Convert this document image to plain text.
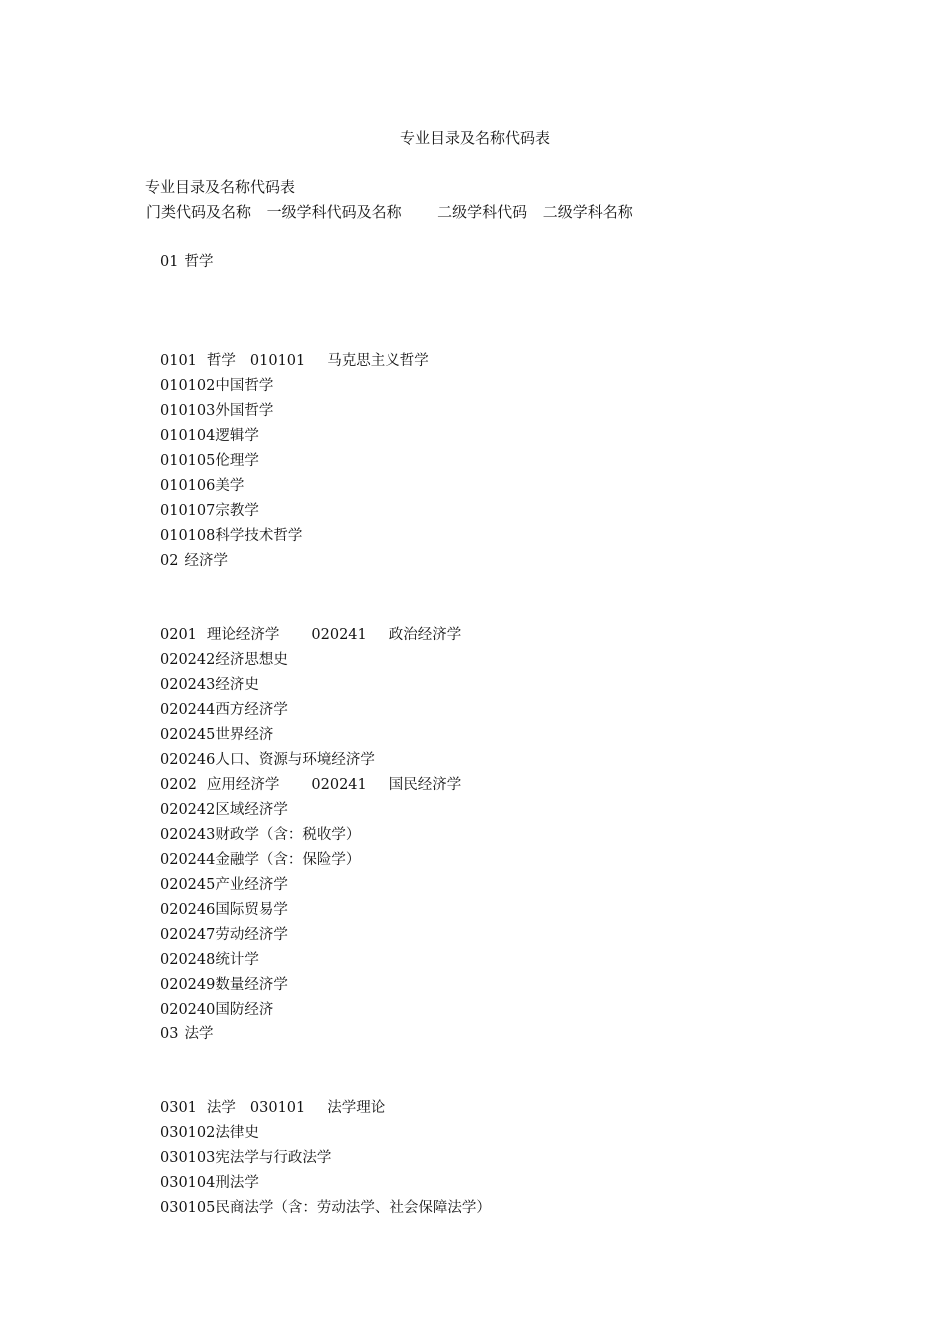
专业目录及名称代码表
专业目录及名称代码表
门类代码及名称 一级学科代码及名称 二级学科代码 二级学科名称
01 哲学
0101 哲学 010101 马克思主义哲学
010102中国哲学
010103外国哲学
010104逻辑学
010105伦理学
010106美学
010107宗教学
010108科学技术哲学
02 经济学
0201 理论经济学 020241 政治经济学
020242经济思想史
020243经济史
020244西方经济学
020245世界经济
020246人口、资源与环境经济学
0202 应用经济学 020241 国民经济学
020242区域经济学
020243财政学（含：税收学）
020244金融学（含：保险学）
020245产业经济学
020246国际贸易学
020247劳动经济学
020248统计学
020249数量经济学
020240国防经济
03 法学
0301 法学 030101 法学理论
030102法律史
030103宪法学与行政法学
030104刑法学
030105民商法学（含：劳动法学、社会保障法学）
